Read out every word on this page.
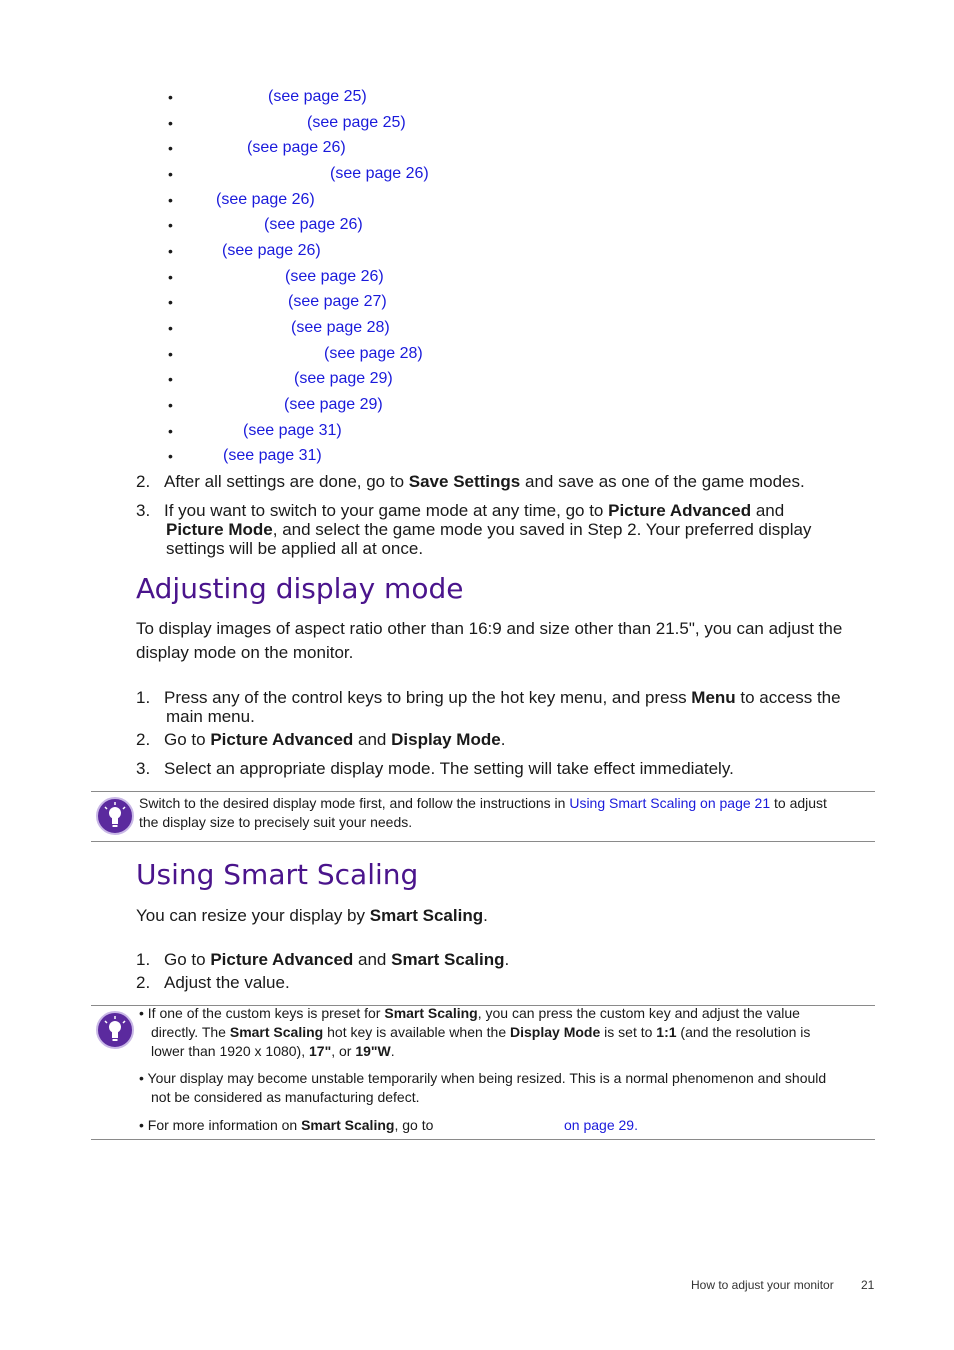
•	(see page 25)
•	(see page 25)
•	(see page 26)
•	(see page 26)
•	(see page 26)
•	(see page 26)
•	(see page 26)
•	(see page 26)
•	(see page 27)
•	(see page 28)
•	(see page 28)
•	(see page 29)
•	(see page 29)
•	(see page 31)
•	(see page 31)
2. After all settings are done, go to Save Settings and save as one of the game modes.
3. If you want to switch to your game mode at any time, go to Picture Advanced and
Picture Mode, and select the game mode you saved in Step 2. Your preferred display
settings will be applied all at once.
Adjusting display mode
To display images of aspect ratio other than 16:9 and size other than 21.5", you can adjust the
display mode on the monitor.
1. Press any of the control keys to bring up the hot key menu, and press Menu to access the
main menu.
2. Go to Picture Advanced and Display Mode.
3. Select an appropriate display mode. The setting will take effect immediately.
Switch to the desired display mode first, and follow the instructions in Using Smart Scaling on page 21 to adjust
the display size to precisely suit your needs.
Using Smart Scaling
You can resize your display by Smart Scaling.
1. Go to Picture Advanced and Smart Scaling.
2. Adjust the value.
• If one of the custom keys is preset for Smart Scaling, you can press the custom key and adjust the value
directly. The Smart Scaling hot key is available when the Display Mode is set to 1:1 (and the resolution is
lower than 1920 x 1080), 17", or 19"W.
• Your display may become unstable temporarily when being resized. This is a normal phenomenon and should
not be considered as manufacturing defect.
• For more information on Smart Scaling, go to	on page 29.
How to adjust your monitor 21
